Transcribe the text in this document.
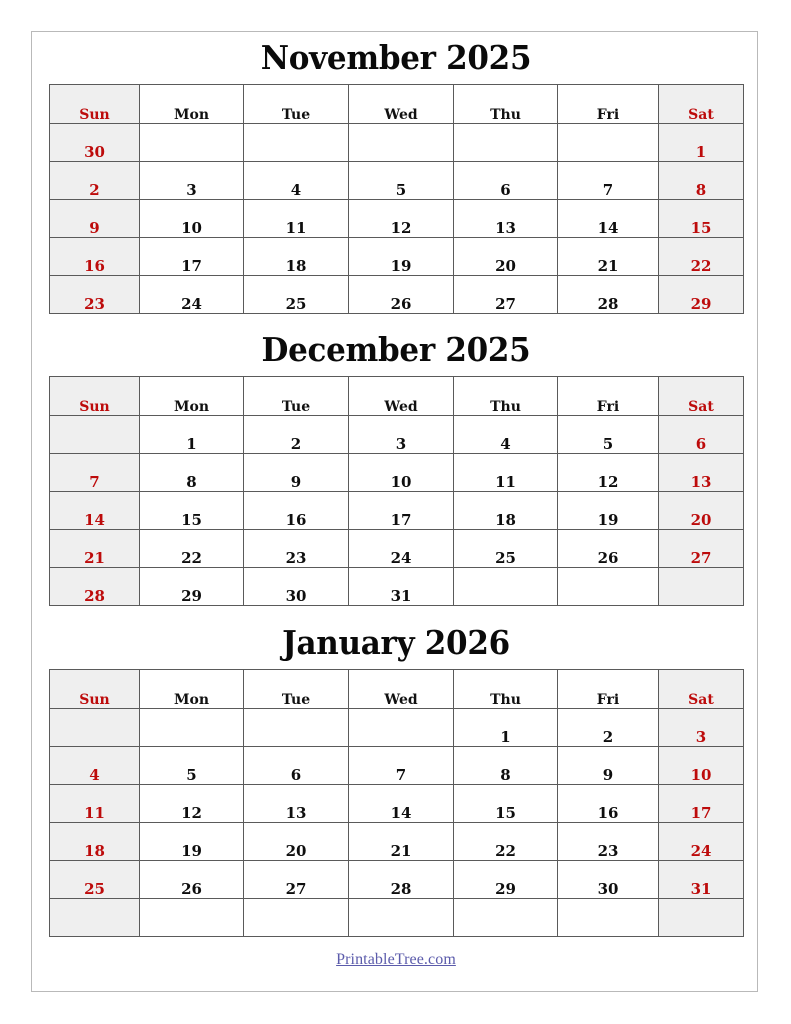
November 2025
Sun	Mon	Tue	Wed	Thu	Fri	Sat
30						1
2	3	4	5	6	7	8
9	10	11	12	13	14	15
16	17	18	19	20	21	22
23	24	25	26	27	28	29
December 2025
Sun	Mon	Tue	Wed	Thu	Fri	Sat
	1	2	3	4	5	6
7	8	9	10	11	12	13
14	15	16	17	18	19	20
21	22	23	24	25	26	27
28	29	30	31			
January 2026
Sun	Mon	Tue	Wed	Thu	Fri	Sat
				1	2	3
4	5	6	7	8	9	10
11	12	13	14	15	16	17
18	19	20	21	22	23	24
25	26	27	28	29	30	31

PrintableTree.com
